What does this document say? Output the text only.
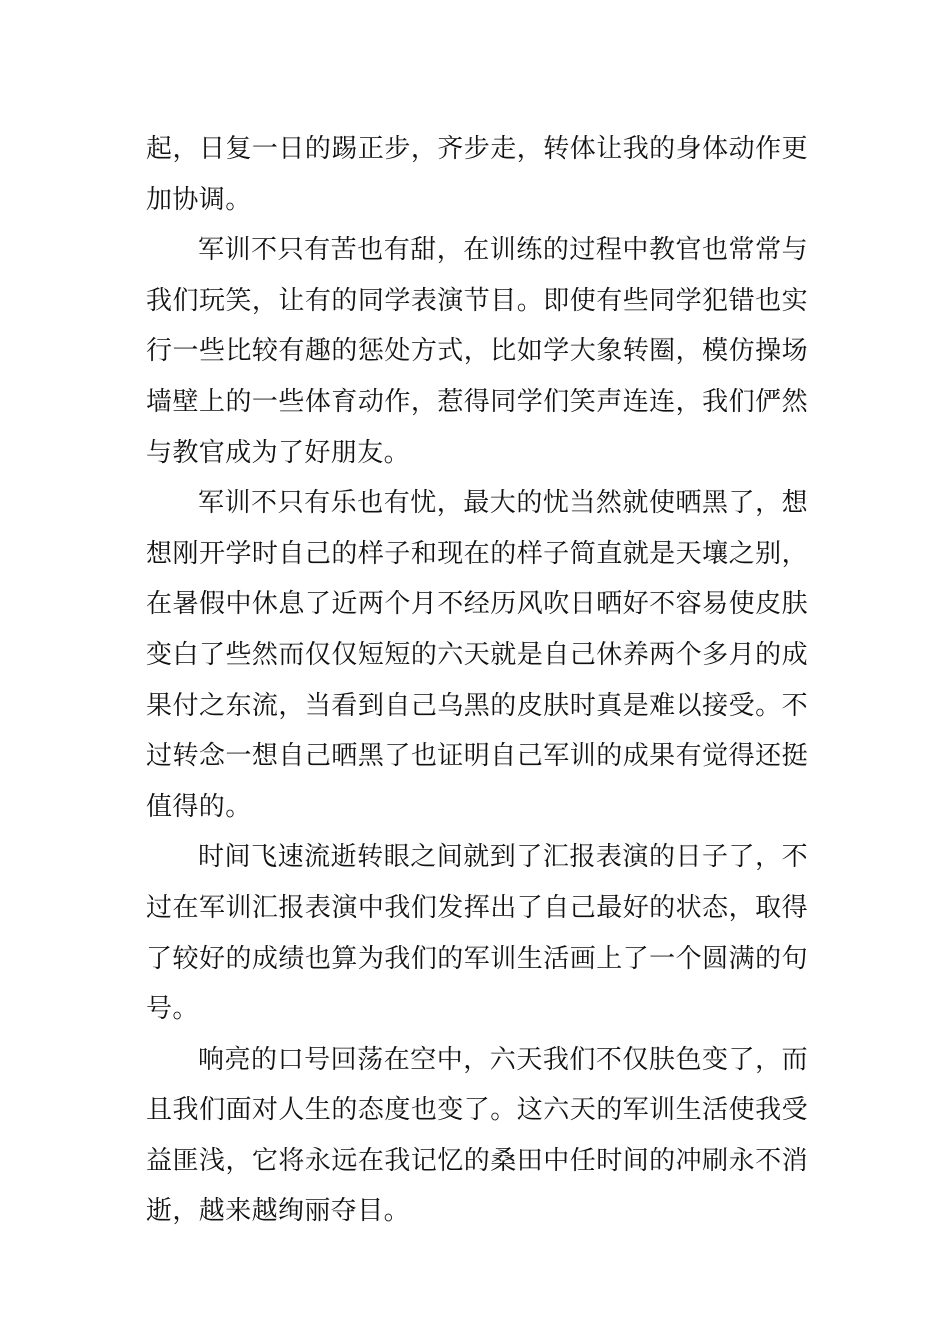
起，日复一日的踢正步，齐步走，转体让我的身体动作更加协调。

军训不只有苦也有甜，在训练的过程中教官也常常与我们玩笑，让有的同学表演节目。即使有些同学犯错也实行一些比较有趣的惩处方式，比如学大象转圈，模仿操场墙壁上的一些体育动作，惹得同学们笑声连连，我们俨然与教官成为了好朋友。

军训不只有乐也有忧，最大的忧当然就使晒黑了，想想刚开学时自己的样子和现在的样子简直就是天壤之别，在暑假中休息了近两个月不经历风吹日晒好不容易使皮肤变白了些然而仅仅短短的六天就是自己休养两个多月的成果付之东流，当看到自己乌黑的皮肤时真是难以接受。不过转念一想自己晒黑了也证明自己军训的成果有觉得还挺值得的。

时间飞速流逝转眼之间就到了汇报表演的日子了，不过在军训汇报表演中我们发挥出了自己最好的状态，取得了较好的成绩也算为我们的军训生活画上了一个圆满的句号。

响亮的口号回荡在空中，六天我们不仅肤色变了，而且我们面对人生的态度也变了。这六天的军训生活使我受益匪浅，它将永远在我记忆的桑田中任时间的冲刷永不消逝，越来越绚丽夺目。
